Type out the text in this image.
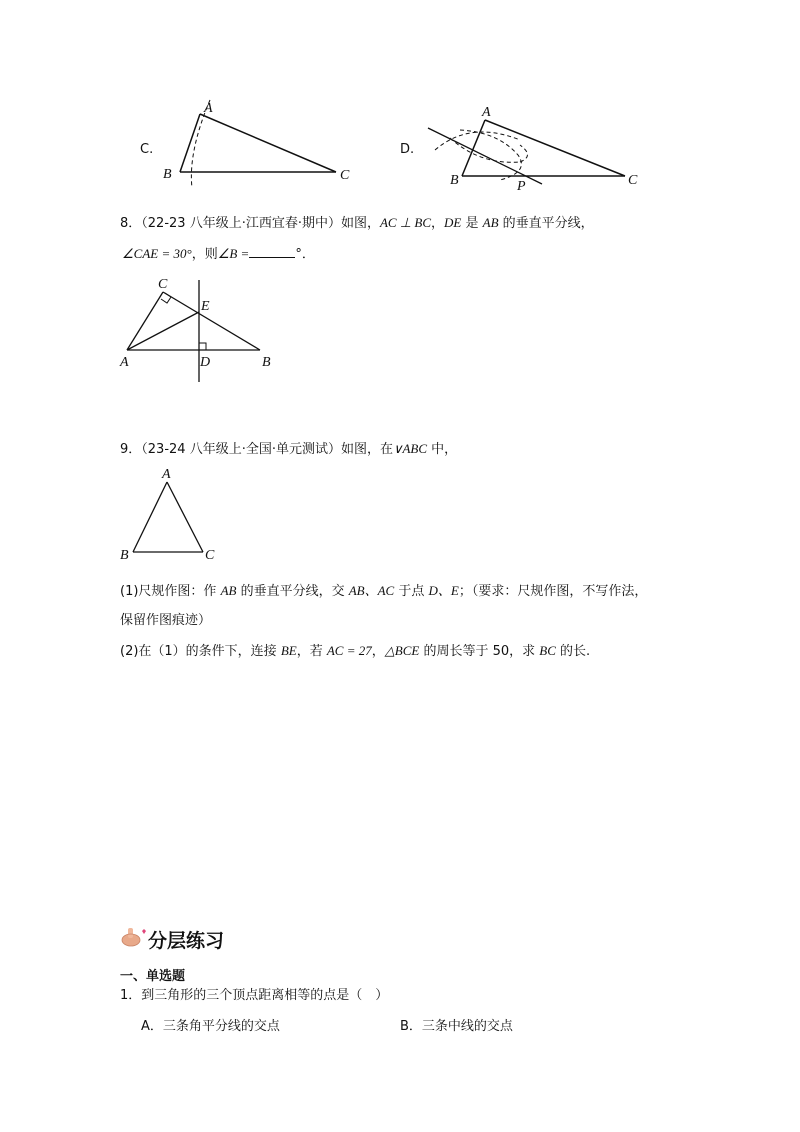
C.
A
B	C
D.
A
B	C
P
8．（22-23 八年级上·江西宜春·期中）如图，AC ⊥ BC，DE 是 AB 的垂直平分线，
∠CAE = 30°，则∠B =	°．
C
E
A	D	B
9．（23-24 八年级上·全国·单元测试）如图，在∨ABC 中，
A
B	C
(1)尺规作图：作 AB 的垂直平分线，交 AB、AC 于点 D、E；（要求：尺规作图，不写作法，
保留作图痕迹）
(2)在（1）的条件下，连接 BE，若 AC = 27，△BCE 的周长等于 50，求 BC 的长.
分层练习
一、单选题
1．到三角形的三个顶点距离相等的点是（　）
A．三条角平分线的交点	B．三条中线的交点
